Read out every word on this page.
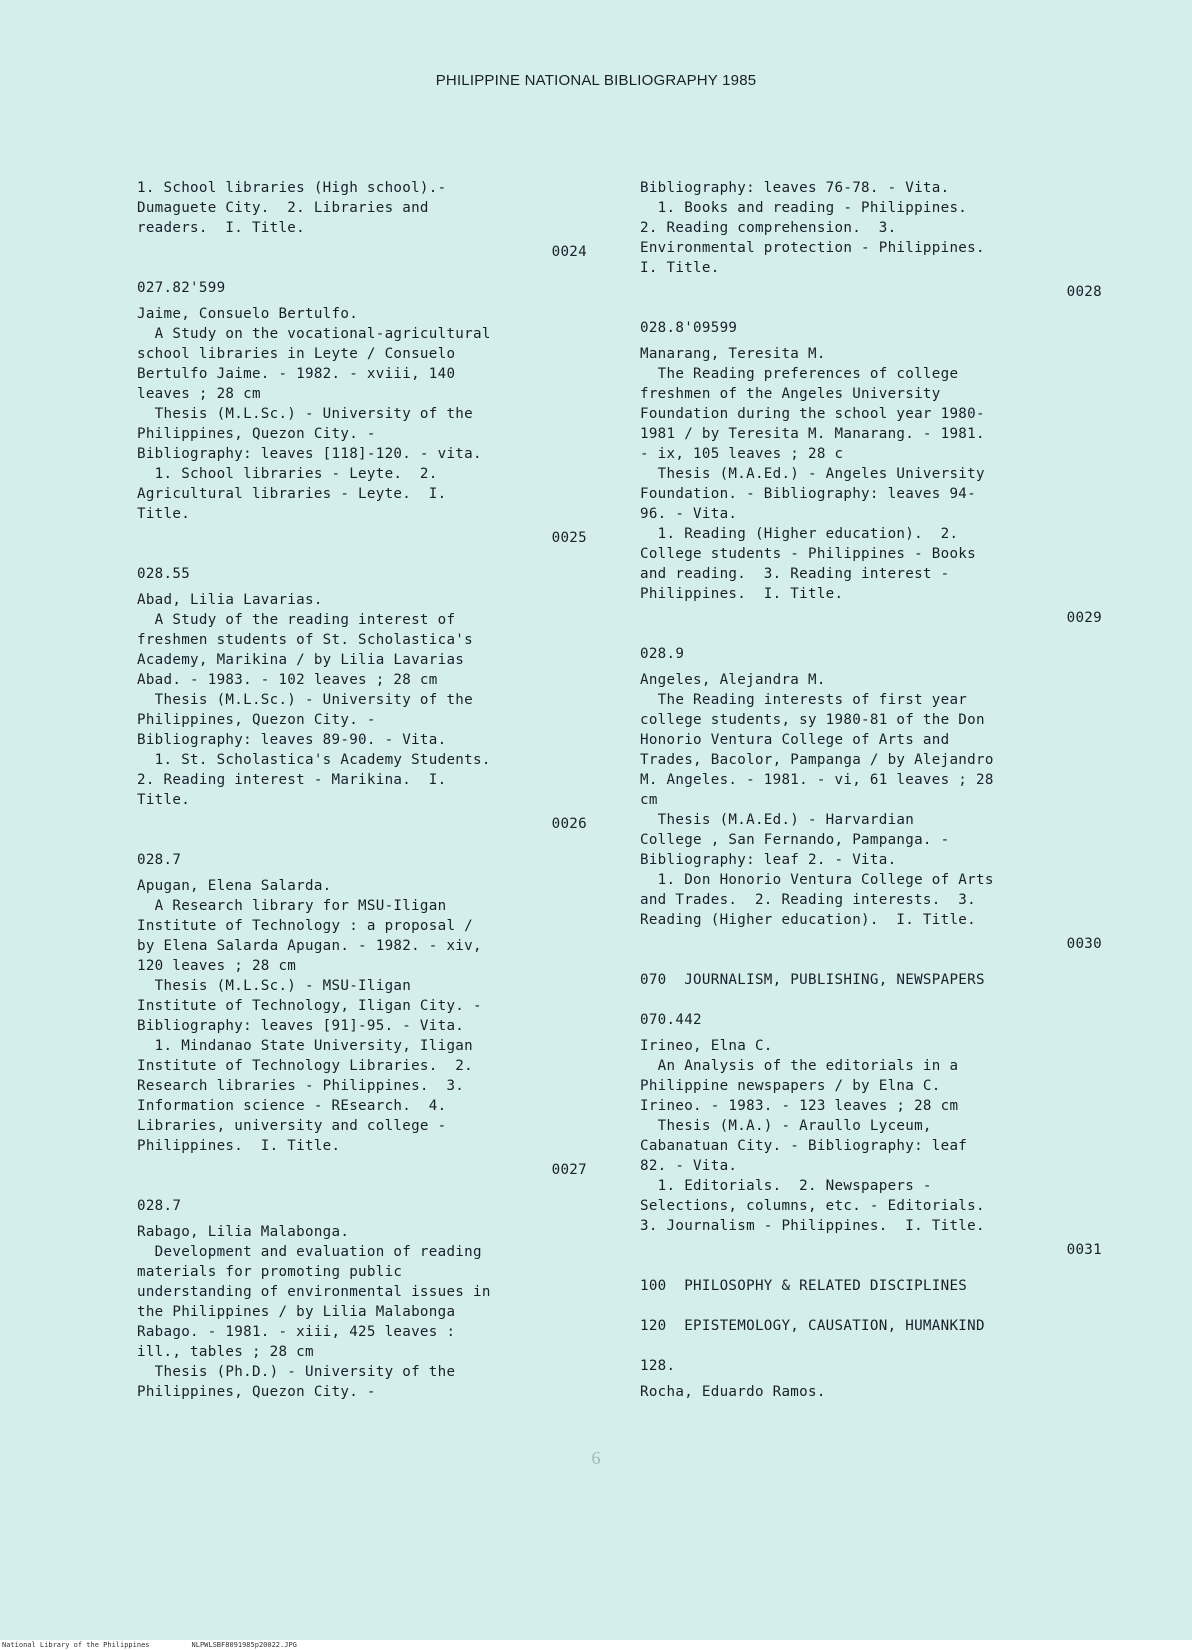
PHILIPPINE NATIONAL BIBLIOGRAPHY 1985
1. School libraries (High school).-
Dumaguete City.  2. Libraries and
readers.  I. Title.
0024
027.82'599
Jaime, Consuelo Bertulfo.
A Study on the vocational-agricultural
school libraries in Leyte / Consuelo
Bertulfo Jaime. - 1982. - xviii, 140
leaves ; 28 cm
Thesis (M.L.Sc.) - University of the
Philippines, Quezon City. -
Bibliography: leaves [118]-120. - vita.
1. School libraries - Leyte.  2.
Agricultural libraries - Leyte.  I.
Title.
0025
028.55
Abad, Lilia Lavarias.
A Study of the reading interest of
freshmen students of St. Scholastica's
Academy, Marikina / by Lilia Lavarias
Abad. - 1983. - 102 leaves ; 28 cm
Thesis (M.L.Sc.) - University of the
Philippines, Quezon City. -
Bibliography: leaves 89-90. - Vita.
1. St. Scholastica's Academy Students.
2. Reading interest - Marikina.  I.
Title.
0026
028.7
Apugan, Elena Salarda.
A Research library for MSU-Iligan
Institute of Technology : a proposal /
by Elena Salarda Apugan. - 1982. - xiv,
120 leaves ; 28 cm
Thesis (M.L.Sc.) - MSU-Iligan
Institute of Technology, Iligan City. -
Bibliography: leaves [91]-95. - Vita.
1. Mindanao State University, Iligan
Institute of Technology Libraries.  2.
Research libraries - Philippines.  3.
Information science - REsearch.  4.
Libraries, university and college -
Philippines.  I. Title.
0027
028.7
Rabago, Lilia Malabonga.
Development and evaluation of reading
materials for promoting public
understanding of environmental issues in
the Philippines / by Lilia Malabonga
Rabago. - 1981. - xiii, 425 leaves :
ill., tables ; 28 cm
Thesis (Ph.D.) - University of the
Philippines, Quezon City. -
Bibliography: leaves 76-78. - Vita.
1. Books and reading - Philippines.
2. Reading comprehension.  3.
Environmental protection - Philippines.
I. Title.
0028
028.8'09599
Manarang, Teresita M.
The Reading preferences of college
freshmen of the Angeles University
Foundation during the school year 1980-
1981 / by Teresita M. Manarang. - 1981.
- ix, 105 leaves ; 28 c
Thesis (M.A.Ed.) - Angeles University
Foundation. - Bibliography: leaves 94-
96. - Vita.
1. Reading (Higher education).  2.
College students - Philippines - Books
and reading.  3. Reading interest -
Philippines.  I. Title.
0029
028.9
Angeles, Alejandra M.
The Reading interests of first year
college students, sy 1980-81 of the Don
Honorio Ventura College of Arts and
Trades, Bacolor, Pampanga / by Alejandro
M. Angeles. - 1981. - vi, 61 leaves ; 28
cm
Thesis (M.A.Ed.) - Harvardian
College , San Fernando, Pampanga. -
Bibliography: leaf 2. - Vita.
1. Don Honorio Ventura College of Arts
and Trades.  2. Reading interests.  3.
Reading (Higher education).  I. Title.
0030
070  JOURNALISM, PUBLISHING, NEWSPAPERS
070.442
Irineo, Elna C.
An Analysis of the editorials in a
Philippine newspapers / by Elna C.
Irineo. - 1983. - 123 leaves ; 28 cm
Thesis (M.A.) - Araullo Lyceum,
Cabanatuan City. - Bibliography: leaf
82. - Vita.
1. Editorials.  2. Newspapers -
Selections, columns, etc. - Editorials.
3. Journalism - Philippines.  I. Title.
0031
100  PHILOSOPHY & RELATED DISCIPLINES
120  EPISTEMOLOGY, CAUSATION, HUMANKIND
128.
Rocha, Eduardo Ramos.
6
National Library of the Philippines	NLPWLSBF8091985p20022.JPG
